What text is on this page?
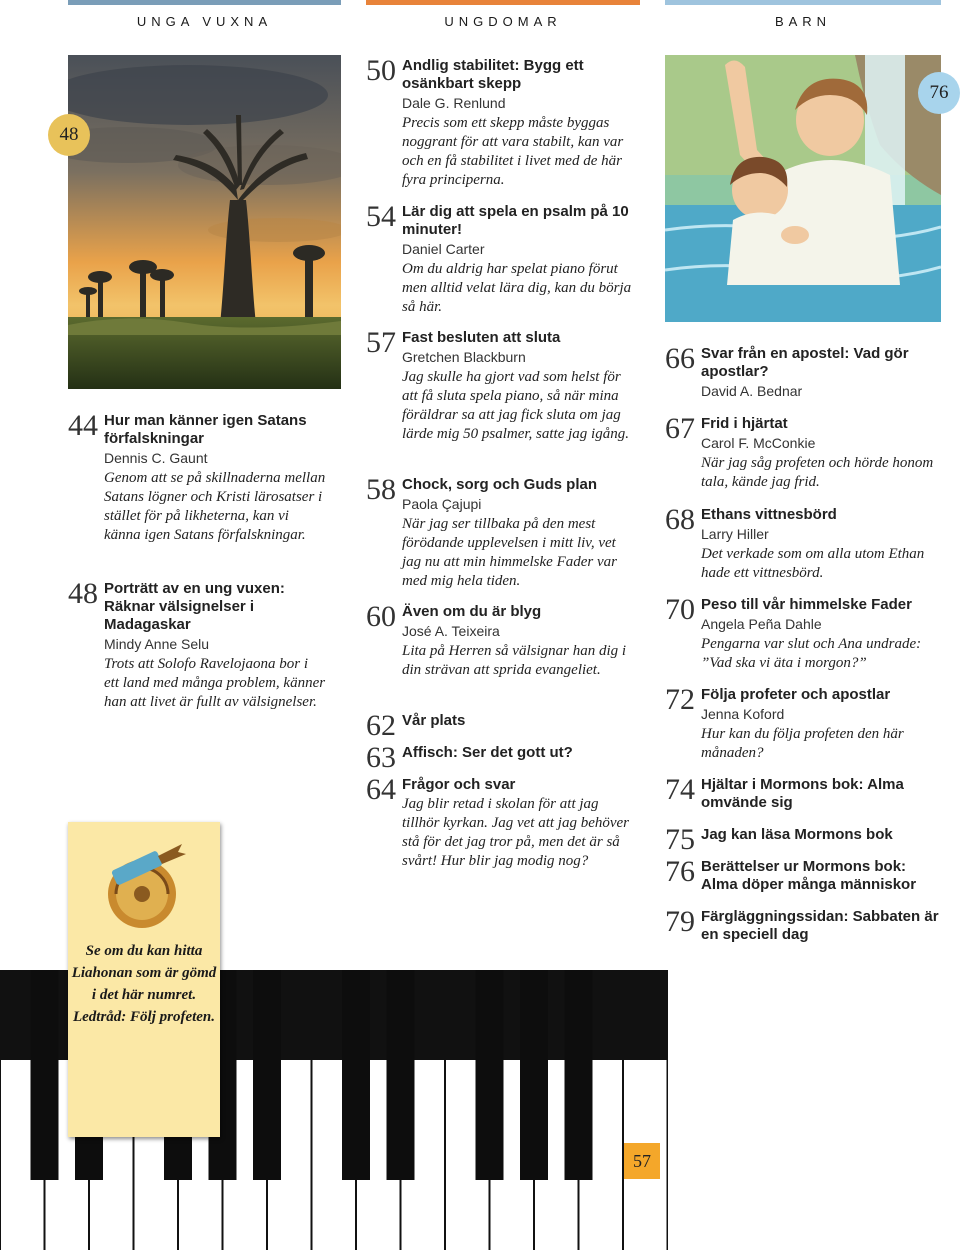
UNGA VUXNA	UNGDOMAR	BARN
48
76
44 Hur man känner igen Satans förfalskningar
Dennis C. Gaunt
Genom att se på skillnaderna mellan Satans lögner och Kristi lärosatser i stället för på likheterna, kan vi känna igen Satans förfalskningar.
48 Porträtt av en ung vuxen: Räknar välsignelser i Madagaskar
Mindy Anne Selu
Trots att Solofo Ravelojaona bor i ett land med många problem, känner han att livet är fullt av välsignelser.
50 Andlig stabilitet: Bygg ett osänkbart skepp
Dale G. Renlund
Precis som ett skepp måste byggas noggrant för att vara stabilt, kan var och en få stabilitet i livet med de här fyra principerna.
54 Lär dig att spela en psalm på 10 minuter!
Daniel Carter
Om du aldrig har spelat piano förut men alltid velat lära dig, kan du börja så här.
57 Fast besluten att sluta
Gretchen Blackburn
Jag skulle ha gjort vad som helst för att få sluta spela piano, så när mina föräldrar sa att jag fick sluta om jag lärde mig 50 psalmer, satte jag igång.
58 Chock, sorg och Guds plan
Paola Çajupi
När jag ser tillbaka på den mest förödande upplevelsen i mitt liv, vet jag nu att min himmelske Fader var med mig hela tiden.
60 Även om du är blyg
José A. Teixeira
Lita på Herren så välsignar han dig i din strävan att sprida evangeliet.
62 Vår plats
63 Affisch: Ser det gott ut?
64 Frågor och svar
Jag blir retad i skolan för att jag tillhör kyrkan. Jag vet att jag behöver stå för det jag tror på, men det är så svårt! Hur blir jag modig nog?
66 Svar från en apostel: Vad gör apostlar?
David A. Bednar
67 Frid i hjärtat
Carol F. McConkie
När jag såg profeten och hörde honom tala, kände jag frid.
68 Ethans vittnesbörd
Larry Hiller
Det verkade som om alla utom Ethan hade ett vittnesbörd.
70 Peso till vår himmelske Fader
Angela Peña Dahle
Pengarna var slut och Ana undrade: ”Vad ska vi äta i morgon?”
72 Följa profeter och apostlar
Jenna Koford
Hur kan du följa profeten den här månaden?
74 Hjältar i Mormons bok: Alma omvände sig
75 Jag kan läsa Mormons bok
76 Berättelser ur Mormons bok: Alma döper många människor
79 Färgläggningssidan: Sabbaten är en speciell dag
Se om du kan hitta Liahonan som är gömd i det här numret. Ledtråd: Följ profeten.
57
